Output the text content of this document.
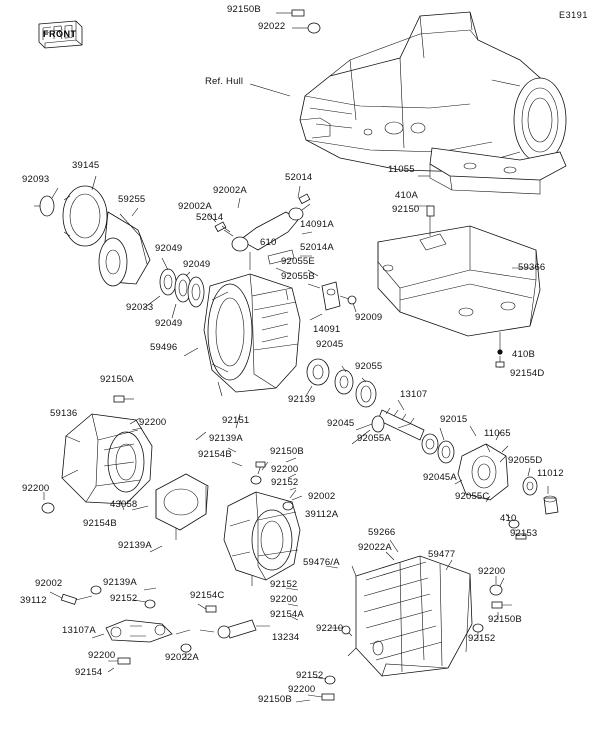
E3191
FRONT
92150B
92022
Ref. Hull
11055
410A
92150
92093
39145
59255
92002A
52014
92002A
52014
14091A
610 52014A
92055E
92055B
92049
92049
92033
92049
59496
14091
92009
92045
92055
92139
92045
92055A
13107
92015
11065
92055D
11012
92045A
92055C
410
92153
59366
410B
92154D
92150A
59136
92200	92151
92139A
92154B	92150B
92200
92152
92200
43058
92154B
92002
39112A
92139A
59266
92022A
59476/A
59477
92002	92139A
39112	92152	92154C
92152
92200
92154A
92200
92150B
13107A
13234
92210
92152
92200	92022A
92154	92152
92200
92150B
